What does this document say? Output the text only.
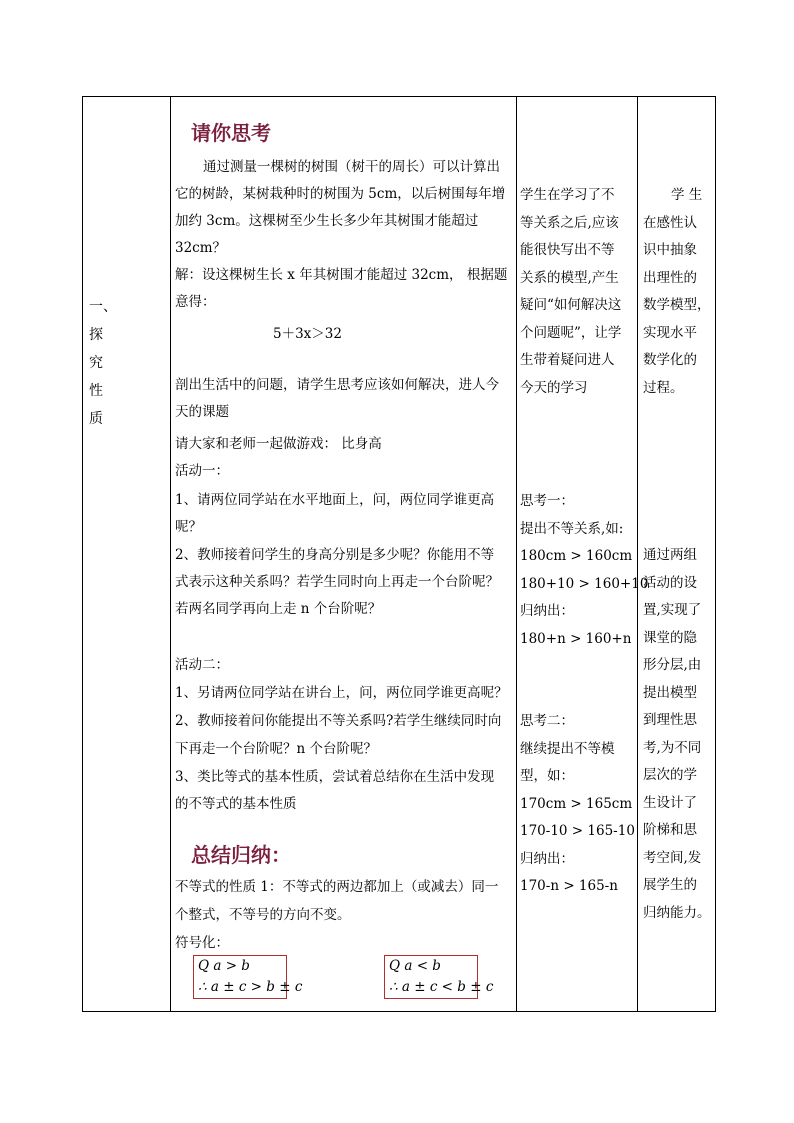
一、
探
究
性
质
请你思考
通过测量一棵树的树围（树干的周长）可以计算出
它的树龄，某树栽种时的树围为 5cm，以后树围每年增
加约 3cm。这棵树至少生长多少年其树围才能超过
32cm？
解：设这棵树生长 x 年其树围才能超过 32cm， 根据题
意得：
5＋3x＞32
剖出生活中的问题，请学生思考应该如何解决，进人今
天的课题
请大家和老师一起做游戏： 比身高
活动一：
1、请两位同学站在水平地面上，问，两位同学谁更高
呢？
2、教师接着问学生的身高分别是多少呢？你能用不等
式表示这种关系吗？若学生同时向上再走一个台阶呢？
若两名同学再向上走 n 个台阶呢？
活动二：
1、另请两位同学站在讲台上，问，两位同学谁更高呢？
2、教师接着问你能提出不等关系吗?若学生继续同时向
下再走一个台阶呢？n 个台阶呢？
3、类比等式的基本性质，尝试着总结你在生活中发现
的不等式的基本性质
总结归纳：
不等式的性质 1：不等式的两边都加上（或减去）同一
个整式，不等号的方向不变。
符号化：
Q a > b
∴ a ± c > b ± c
Q a < b
∴ a ± c < b ± c
学生在学习了不
等关系之后,应该
能很快写出不等
关系的模型,产生
疑问“如何解决这
个问题呢”，让学
生带着疑问进人
今天的学习
思考一：
提出不等关系,如:
180cm > 160cm
180+10 > 160+10
归纳出：
180+n > 160+n
思考二：
继续提出不等模
型，如：
170cm > 165cm
170-10 > 165-10
归纳出：
170-n > 165-n
学 生
在感性认
识中抽象
出理性的
数学模型，
实现水平
数学化的
过程。
通过两组
活动的设
置,实现了
课堂的隐
形分层,由
提出模型
到理性思
考,为不同
层次的学
生设计了
阶梯和思
考空间,发
展学生的
归纳能力。
